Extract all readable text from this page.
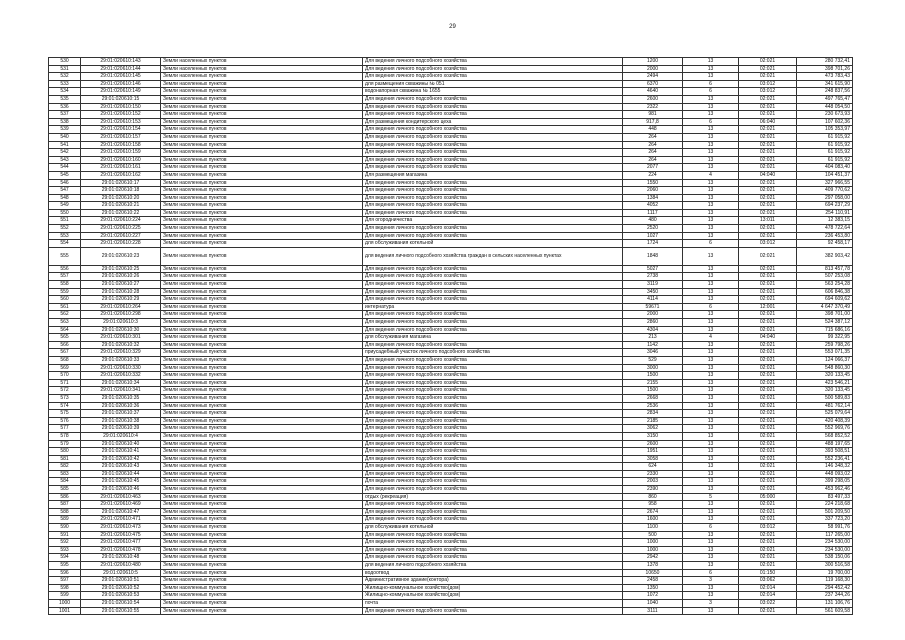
29
530	29:01:020610:143	Земли населенных пунктов	Для ведения личного подсобного хозяйства	1200	13	02:021	280 732,41
531	29:01:020610:144	Земли населенных пунктов	Для ведения личного подсобного хозяйства	2000	13	02:021	398 701,26
532	29:01:020610:145	Земли населенных пунктов	Для ведения личного подсобного хозяйства	2494	13	02:021	473 783,43
533	29:01:020610:146	Земли населенных пунктов	для размещения скважины № 051	6370	6	03:012	341 615,90
534	29:01:020610:149	Земли населенных пунктов	водонапорная скважина № 1655	4640	6	03:012	248 837,56
535	29:01:020610:15	Земли населенных пунктов	Для ведения личного подсобного хозяйства	2600	13	02:021	497 765,47
536	29:01:020610:150	Земли населенных пунктов	Для ведения личного подсобного хозяйства	2322	13	02:021	448 054,50
537	29:01:020610:152	Земли населенных пунктов	Для ведения личного подсобного хозяйства	981	13	02:021	230 673,93
538	29:01:020610:153	Земли населенных пунктов	Для размещения кондитерского цеха	917,8	6	06:040	107 602,36
539	29:01:020610:154	Земли населенных пунктов	Для ведения личного подсобного хозяйства	448	13	02:021	105 353,97
540	29:01:020610:157	Земли населенных пунктов	Для ведения личного подсобного хозяйства	264	13	02:021	61 915,92
541	29:01:020610:158	Земли населенных пунктов	Для ведения личного подсобного хозяйства	264	13	02:021	61 915,92
542	29:01:020610:159	Земли населенных пунктов	Для ведения личного подсобного хозяйства	264	13	02:021	61 915,92
543	29:01:020610:160	Земли населенных пунктов	Для ведения личного подсобного хозяйства	264	13	02:021	61 915,92
544	29:01:020610:161	Земли населенных пунктов	Для ведения личного подсобного хозяйства	2077	13	02:021	404 083,40
545	29:01:020610:162	Земли населенных пунктов	Для размещения магазина	224	4	04:040	104 451,37
546	29:01:020610:17	Земли населенных пунктов	Для ведения личного подсобного хозяйства	1550	13	02:021	327 966,55
547	29:01:020610:18	Земли населенных пунктов	Для ведения личного подсобного хозяйства	2060	13	02:021	409 770,62
548	29:01:020610:20	Земли населенных пунктов	Для ведения личного подсобного хозяйства	1384	13	02:021	297 058,00
549	29:01:020610:21	Земли населенных пунктов	Для ведения личного подсобного хозяйства	4052	13	02:021	694 237,29
550	29:01:020610:22	Земли населенных пунктов	Для ведения личного подсобного хозяйства	1117	13	02:021	254 110,91
551	29:01:020610:224	Земли населенных пунктов	Для огородничества	480	13	13:011	12 383,15
552	29:01:020610:225	Земли населенных пунктов	Для ведения личного подсобного хозяйства	2520	13	02:021	478 722,64
553	29:01:020610:227	Земли населенных пунктов	Для ведения личного подсобного хозяйства	1027	13	02:021	236 453,80
554	29:01:020610:228	Земли населенных пунктов	для обслуживания котельной	1724	6	03:012	92 458,17
555	29:01:020610:23	Земли населенных пунктов	для ведения личного подсобного хозяйства граждан в сельских населенных пунктах	1848	13	02:021	382 903,42
556	29:01:020610:25	Земли населенных пунктов	Для ведения личного подсобного хозяйства	5027	13	02:021	813 457,78
557	29:01:020610:26	Земли населенных пунктов	Для ведения личного подсобного хозяйства	2738	13	02:021	507 253,08
558	29:01:020610:27	Земли населенных пунктов	Для ведения личного подсобного хозяйства	3119	13	02:021	563 254,28
559	29:01:020610:28	Земли населенных пунктов	Для ведения личного подсобного хозяйства	3450	13	02:021	606 846,38
560	29:01:020610:29	Земли населенных пунктов	Для ведения личного подсобного хозяйства	4114	13	02:021	694 609,62
561	29:01:020610:264	Земли населенных пунктов	интернатура	59671	6	12:001	4 647 370,49
562	29:01:020610:298	Земли населенных пунктов	Для ведения личного подсобного хозяйства	2000	13	02:021	398 701,00
563	29:01:020610:3	Земли населенных пунктов	Для ведения личного подсобного хозяйства	2860	13	02:021	524 387,12
564	29:01:020610:30	Земли населенных пунктов	Для ведения личного подсобного хозяйства	4304	13	02:021	715 686,16
565	29:01:020610:301	Земли населенных пунктов	для обслуживания магазина	213	4	04:040	99 322,95
566	29:01:020610:32	Земли населенных пунктов	Для ведения личного подсобного хозяйства	1142	13	02:021	259 798,26
567	29:01:020610:329	Земли населенных пунктов	приусадебный участок личного подсобного хозяйства	3046	13	02:021	553 071,35
568	29:01:020610:33	Земли населенных пунктов	Для ведения личного подсобного хозяйства	529	13	02:021	124 066,37
569	29:01:020610:330	Земли населенных пунктов	Для ведения личного подсобного хозяйства	3000	13	02:021	548 860,30
570	29:01:020610:332	Земли населенных пунктов	Для ведения личного подсобного хозяйства	1500	13	02:021	320 133,45
571	29:01:020610:34	Земли населенных пунктов	Для ведения личного подсобного хозяйства	2155	13	02:021	423 546,21
572	29:01:020610:341	Земли населенных пунктов	Для ведения личного подсобного хозяйства	1500	13	02:021	320 133,45
573	29:01:020610:35	Земли населенных пунктов	Для ведения личного подсобного хозяйства	2668	13	02:021	500 589,83
574	29:01:020610:36	Земли населенных пунктов	Для ведения личного подсобного хозяйства	2536	13	02:021	481 762,14
575	29:01:020610:37	Земли населенных пунктов	Для ведения личного подсобного хозяйства	2834	13	02:021	525 079,64
576	29:01:020610:38	Земли населенных пунктов	Для ведения личного подсобного хозяйства	2185	13	02:021	420 408,39
577	29:01:020610:39	Земли населенных пунктов	Для ведения личного подсобного хозяйства	3062	13	02:021	552 969,76
578	29:01:020610:4	Земли населенных пунктов	Для ведения личного подсобного хозяйства	3150	13	02:021	568 852,52
579	29:01:020610:40	Земли населенных пунктов	Для ведения личного подсобного хозяйства	2600	13	02:021	488 197,65
580	29:01:020610:41	Земли населенных пунктов	Для ведения личного подсобного хозяйства	1951	13	02:021	393 508,51
581	29:01:020610:42	Земли населенных пунктов	Для ведения личного подсобного хозяйства	3058	13	02:021	552 236,41
582	29:01:020610:43	Земли населенных пунктов	Для ведения личного подсобного хозяйства	624	13	02:021	146 348,32
583	29:01:020610:44	Земли населенных пунктов	Для ведения личного подсобного хозяйства	2330	13	02:021	448 093,02
584	29:01:020610:45	Земли населенных пунктов	Для ведения личного подсобного хозяйства	2003	13	02:021	399 298,05
585	29:01:020610:46	Земли населенных пунктов	Для ведения личного подсобного хозяйства	2390	13	02:021	453 962,46
586	29:01:020610:463	Земли населенных пунктов	отдых (рекреация)	860	5	05:000	83 497,33
587	29:01:020610:469	Земли населенных пунктов	Для ведения личного подсобного хозяйства	958	13	02:021	224 218,68
588	29:01:020610:47	Земли населенных пунктов	Для ведения личного подсобного хозяйства	2674	13	02:021	501 209,50
589	29:01:020610:471	Земли населенных пунктов	Для ведения личного подсобного хозяйства	1600	13	02:021	337 723,20
590	29:01:020610:473	Земли населенных пунктов	для обслуживания котельной	1100	6	03:012	58 991,76
591	29:01:020610:475	Земли населенных пунктов	Для ведения личного подсобного хозяйства	500	13	02:021	117 265,00
592	29:01:020610:477	Земли населенных пунктов	Для ведения личного подсобного хозяйства	1000	13	02:021	234 530,00
593	29:01:020610:478	Земли населенных пунктов	Для ведения личного подсобного хозяйства	1000	13	02:021	234 530,00
594	29:01:020610:48	Земли населенных пунктов	Для ведения личного подсобного хозяйства	2942	13	02:021	538 150,06
595	29:01:020610:480	Земли населенных пунктов	для ведения личного подсобного хозяйства	1378	13	02:021	300 516,58
596	29:01:020610:5	Земли населенных пунктов	водоотвод	10650	6	01:150	19 700,00
597	29:01:020610:51	Земли населенных пунктов	Административное здание(контора)	2458	3	03:062	119 168,30
598	29:01:020610:52	Земли населенных пунктов	Жилищно-коммунальное хозяйство(дом)	1350	13	02:014	294 452,42
599	29:01:020610:53	Земли населенных пунктов	Жилищно-коммунальное хозяйство(дом)	1072	13	02:014	237 344,26
1000	29:01:020610:54	Земли населенных пунктов	почта	1040	3	03:022	131 106,76
1001	29:01:020610:55	Земли населенных пунктов	Для ведения личного подсобного хозяйства	3111	13	02:021	561 609,58
